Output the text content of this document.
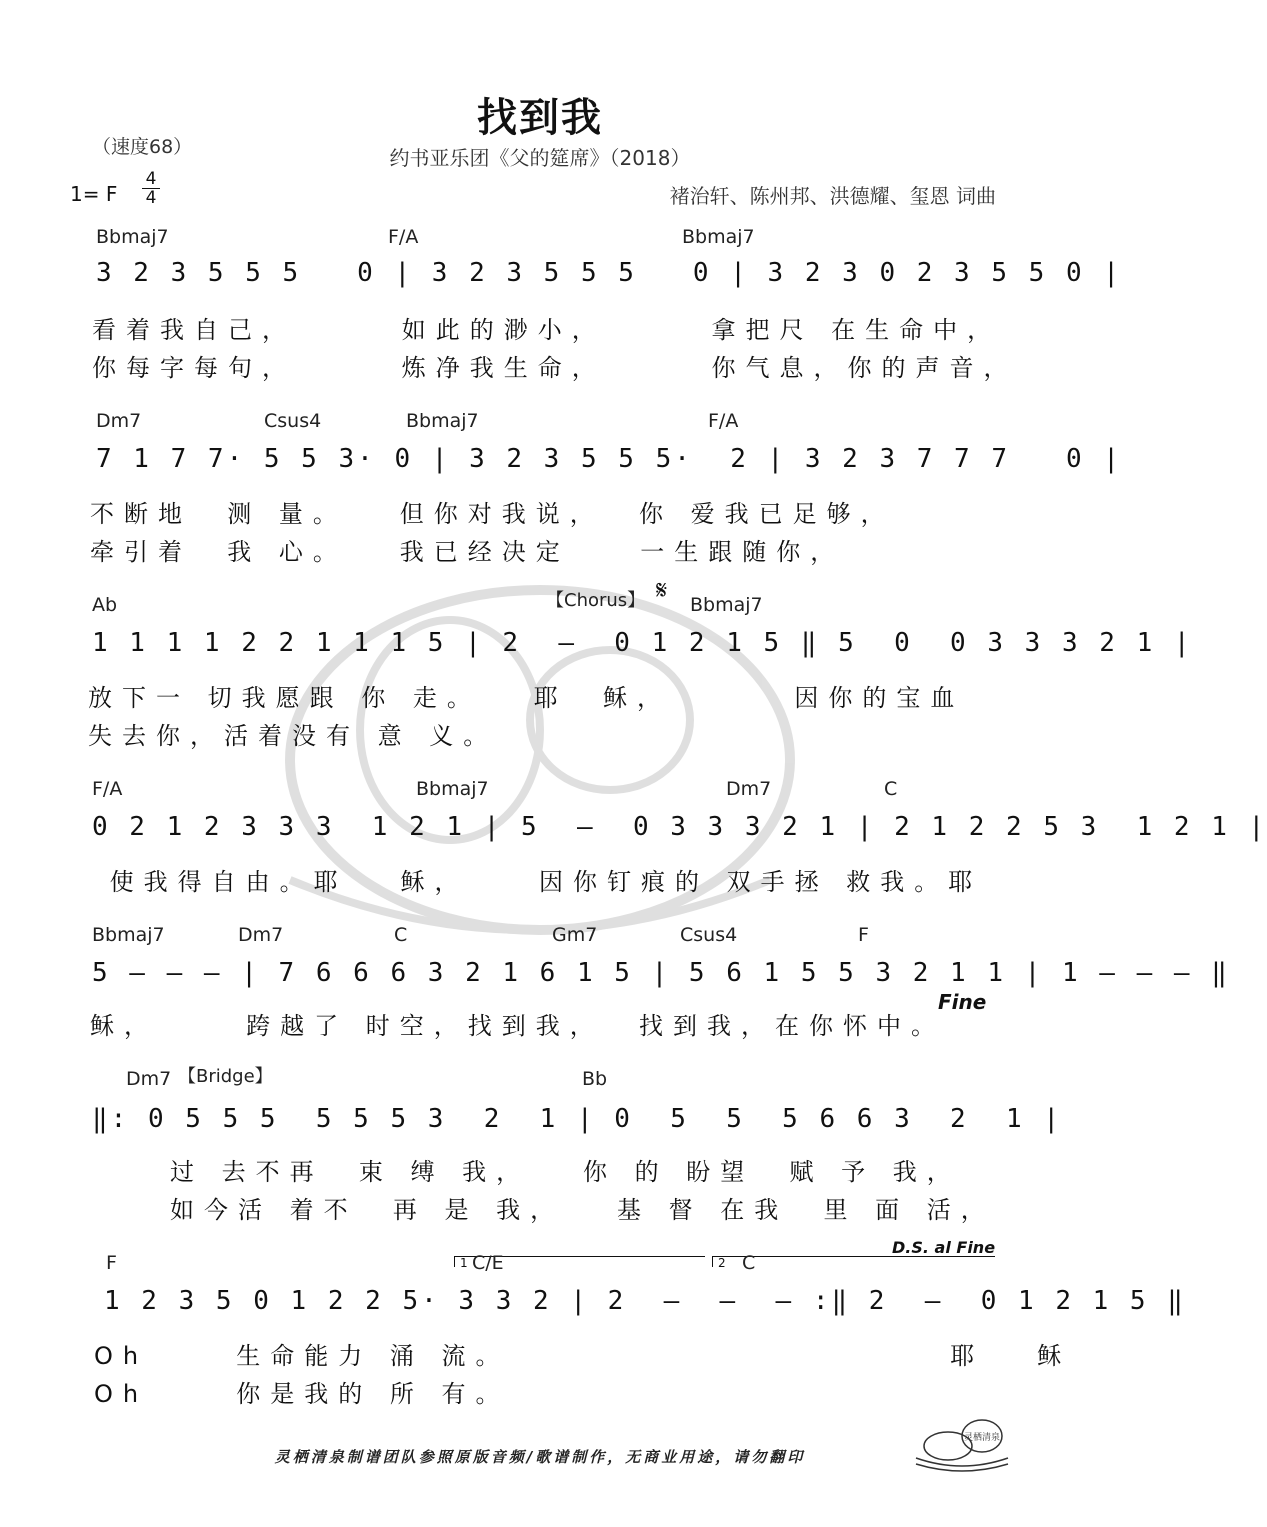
找到我
约书亚乐团《父的筵席》（2018）
（速度68）
1= F $\frac{4}{4}$	褚治轩、陈州邦、洪德耀、玺恩 词曲
Bbmaj7	F/A	Bbmaj7
3 2 3 5 5 5   0 | 3 2 3 5 5 5   0 | 3 2 3 0 2 3 5 5 0 |
看着我自己，      如此的渺小，      拿把尺 在生命中，
你每字每句，      炼净我生命，      你气息，你的声音，
Dm7	Csus4	Bbmaj7	F/A
7 1 7 7· 5 5 3· 0 | 3 2 3 5 5 5·  2 | 3 2 3 7 7 7   0 |
不断地  测 量。   但你对我说，  你 爱我已足够，
牵引着  我 心。   我已经决定    一生跟随你，
Ab	【Chorus】 𝄋 Bbmaj7
1 1 1 1 2 2 1 1 1 5 | 2  –  0 1 2 1 5 ‖ 5  0  0 3 3 3 2 1 |
放下一 切我愿跟 你 走。   耶  稣，       因你的宝血
失去你，活着没有 意 义。
F/A	Bbmaj7	Dm7	C
0 2 1 2 3 3 3  1 2 1 | 5  –  0 3 3 3 2 1 | 2 1 2 2 5 3  1 2 1 |
使我得自由。耶   稣，    因你钉痕的 双手拯 救我。耶
Bbmaj7	Dm7	C	Gm7	Csus4	F
5 – – – | 7 6 6 6 3 2 1 6 1 5 | 5 6 1 5 5 3 2 1 1 | 1 – – – ‖
Fine
稣，     跨越了 时空，找到我，  找到我，在你怀中。
Dm7 【Bridge】	Bb
‖: 0 5 5 5  5 5 5 3  2  1 | 0  5  5  5 6 6 3  2  1 |
过 去不再  束 缚 我，   你 的 盼望  赋 予 我，
如今活 着不  再 是 我，   基 督 在我  里 面 活，
D.S. al Fine
F	1 C/E	2 C
1 2 3 5 0 1 2 2 5· 3 3 2 | 2  –  –  – :‖ 2  –  0 1 2 1 5 ‖
Oh     生命能力 涌 流。                         耶   稣
Oh     你是我的 所 有。
灵栖清泉
灵栖清泉制谱团队参照原版音频/歌谱制作，无商业用途，请勿翻印
